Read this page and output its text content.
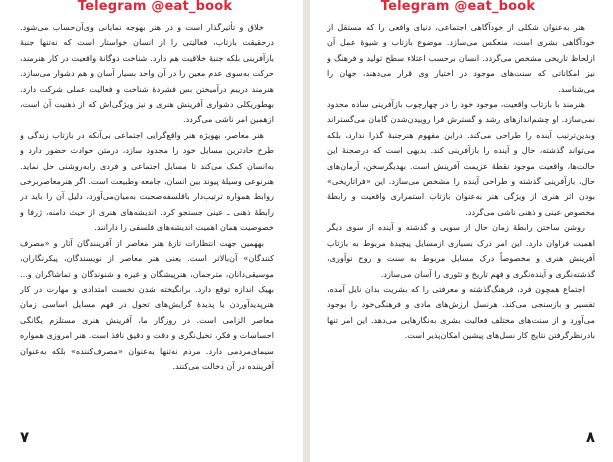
Telegram @eat_book

خلاق و تأثیرگذار است و در هنر بهوجه نمایانی وی‌آن‌حساب می‌شود. درحقیقت بازتاب، فعالیتی را از انسان خواستار است که نه‌تنها جنبهٔ بازآفرینی بلکه جنبهٔ خلاقیت هم دارد. شناخت دوگانهٔ واقعیت در کار هنرمند، حرکت به‌سوی عدم معین را در آن واحد بسیار آسان و هم دشوار می‌سازد. هنرمند دریبم درآمیختن بس فشردهٔ شناخت و فعالیت عملی شرکت دارد. بهطوریکلی دشواری آفرینش هنری و نیز ویژگی‌اش که از ذهنیت آن است، ازهمین امر ناشی می‌گردد.

هنر معاصر، بهویژه هنر واقع‌گرایی اجتماعی بی‌آنکه در بازتاب زندگی و طرح حادترین مسایل خود را محدود سازد، درمتن حوادث حضور دارد و به‌انسان کمک می‌کند تا مسایل اجتماعی و فردی رابه‌روشنی حل نماید. هنرنوعی وسیلهٔ پیوند بین انسان، جامعه وطبیعت است. اگر هنرمعاصربرخی روابط همواره ترتیب‌دار باقلسفه‌صحبت به‌میان‌می‌آورد، دلیل آن را باید در رابطهٔ ذهنی ـ عینی جستجو کرد. اندیشه‌های هنری از حیث دامنه، ژرفا و خصوصیت همان اهمیت اندیشه‌های فلسفی را دارانند.

بههمین جهت انتظارات تازهٔ هنر معاصر از آفرینندگان آثار و «مصرف کنندگان» آن‌بالاتر است. یعنی هنر معاصر از نویسندگان، پیکرنگاران، موسیقی‌دانان، مترجمان، هنرپیشگان و غیره و شنوندگان و تماشاگران و... بهیک اندازه توقع دارد. برانگیخته شدن نخست امتدادی و مهارت در کار هنرپدیدآوردن یا پدیدهٔ گرایش‌های تحول در فهم مسایل اساسی زمان معاصر الزامی است. در روزگار ما، آفرینش هنری مستلزم یگانگی احساسات و فکر، تخیل‌نگری و دقت و دقیق نافذ است. هنر امروزی همواره سیمای‌مردمی دارد. مردم نه‌تنها به‌عنوان «مصرف‌کننده» بلکه به‌عنوان آفریننده در آن دخالت می‌کنند.

۷
Telegram @eat_book

هنر به‌عنوان شکلی از خودآگاهی اجتماعی، دنیای واقعی را که مستقل از خودآگاهی بشری است، منعکس می‌سازد. موضوع بازتاب و شیوهٔ عمل آن ازلحاظ تاریخی مشخص می‌گردد. انسان برحسب اعتلاء سطح تولید و فرهنگ و نیز امکاناتی که سنت‌های موجود در اختیار وی قرار می‌دهند، جهان را می‌شناسد.

هنرمند با بازتاب واقعیت، موجود خود را در چهارچوب بازآفرینی ساده محدود نمی‌سازد. او چشم‌اندازهای رشد و گسترش فرا روییدن‌شدن گامان می‌گستراند وبدین‌ترتیب آینده را طراحی می‌کند. دراین مفهوم هنرجنبهٔ گذرا ندارد، بلکه می‌تواند گذشته، حال و آینده را بازآفرینی کند. بدیهی است که درصحنهٔ این حالت‌ها، واقعیت موجود نقطهٔ عزیمت آفرینش است. بهدیگرسخن، آرمان‌های حال، بازآفرینی گذشته و طراحی آینده را مشخص می‌سازد. این «فراتاریخی» بودن اثر هنری از ویژگی هنر به‌عنوان بازتاب استمراری واقعیت و رابطهٔ مخصوص عینی و ذهنی ناشی می‌گردد.

روشن ساختن رابطهٔ زمان حال از سویی و گذشته و آینده از سوی دیگر اهمیت فراوان دارد. این امر درک بسیاری ازمسایل پیچیدهٔ مربوط به بازتاب آفرینش هنری و مخصوصاً درک مسایل مربوط به سنت و روح نوآوری، گذشته‌نگری و آینده‌نگری و فهم تاریخ و تئوری را آسان می‌سازد.

اجتماع همچون فرد، فرهنگ‌گذشته و معرفتی را که بشریت بدان نایل آمده، تفسیر و بازسنجی می‌کند. هرنسل ارزش‌های مادی و فرهنگی‌خود را بوجود می‌آورد و از سنت‌های مختلف فعالیت بشری به‌نگارهایی می‌دهد. این امر تنها بادرنظرگرفتن نتایج کار نسل‌های پیشین امکان‌پذیر است.

۸
